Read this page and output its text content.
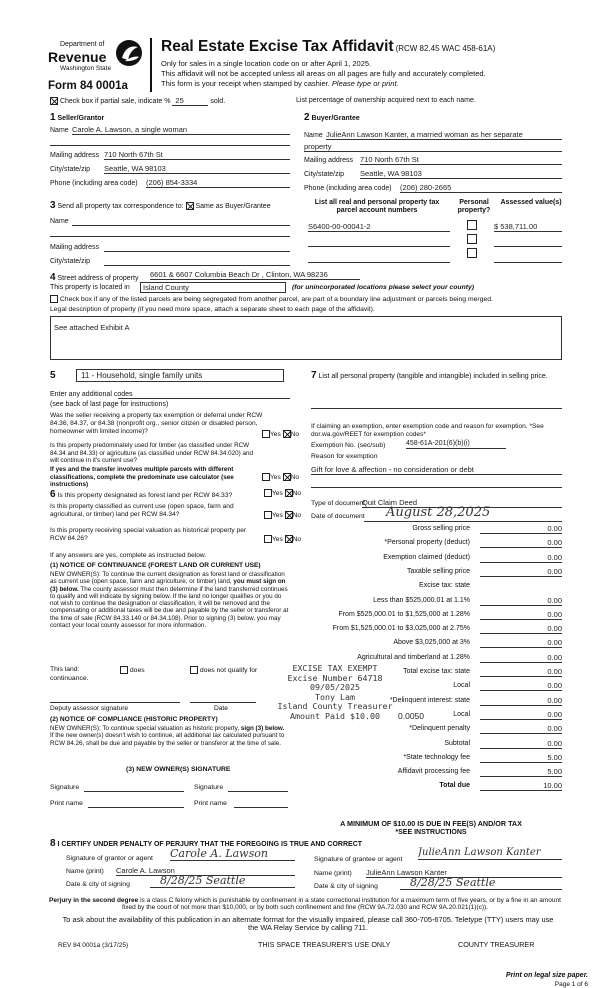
Department of
Revenue
Washington State
Form 84 0001a
Real Estate Excise Tax Affidavit (RCW 82.45 WAC 458-61A)
Only for sales in a single location code on or after April 1, 2025.
This affidavit will not be accepted unless all areas on all pages are fully and accurately completed.
This form is your receipt when stamped by cashier. Please type or print.
Check box if partial sale, indicate % 25	sold.	List percentage of ownership acquired next to each name.
1 Seller/Grantor
Name Carole A. Lawson, a single woman
Mailing address 710 North 67th St
City/state/zip Seattle, WA 98103
Phone (including area code) (206) 854-3334
2 Buyer/Grantee
Name JulieAnn Lawson Kanter, a married woman as her separate
property
Mailing address 710 North 67th St
City/state/zip Seattle, WA 98103
Phone (including area code) (206) 280-2665
3 Send all property tax correspondence to: Same as Buyer/Grantee
Name
Mailing address
City/state/zip
List all real and personal property tax parcel account numbers
Personal property?
Assessed value(s)
S6400-00-00041-2	$ 538,711.00
4 Street address of property 6601 & 6607 Columbia Beach Dr , Clinton, WA 98236
This property is located in	Island County	(for unincorporated locations please select your county)
Check box if any of the listed parcels are being segregated from another parcel, are part of a boundary line adjustment or parcels being merged.
Legal description of property (if you need more space, attach a separate sheet to each page of the affidavit).
See attached Exhibit A
5	11 - Household, single family units
Enter any additional codes
(see back of last page for instructions)
Was the seller receiving a property tax exemption or deferral under RCW 84.36, 84.37, or 84.38 (nonprofit org., senior citizen or disabled person, homeowner with limited income)?	Yes No
Is this property predominately used for timber (as classified under RCW 84.34 and 84.33) or agriculture (as classified under RCW 84.34.020) and will continue in it's current use?
If yes and the transfer involves multiple parcels with different classifications, complete the predominate use calculator (see instructions)
Yes No
6 Is this property designated as forest land per RCW 84.33?	Yes No
Is this property classified as current use (open space, farm and agricultural, or timber) land per RCW 84.34?	Yes No
Is this property receiving special valuation as historical property per RCW 84.26?	Yes No
If any answers are yes, complete as instructed below.
(1) NOTICE OF CONTINUANCE (FOREST LAND OR CURRENT USE)
NEW OWNER(S): To continue the current designation as forest land or classification as current use (open space, farm and agriculture, or timber) land, you must sign on (3) below. The county assessor must then determine if the land transferred continues to qualify and will indicate by signing below. If the land no longer qualifies or you do not wish to continue the designation or classification, it will be removed and the compensating or additional taxes will be due and payable by the seller or transferor at the time of sale (RCW 84.33.140 or 84.34.108). Prior to signing (3) below, you may contact your local county assessor for more information.
This land:
continuance.
does	does not qualify for
Deputy assessor signature	Date
(2) NOTICE OF COMPLIANCE (HISTORIC PROPERTY)
NEW OWNER(S): To continue special valuation as historic property, sign (3) below. If the new owner(s) doesn't wish to continue, all additional tax calculated pursuant to RCW 84.26, shall be due and payable by the seller or transferor at the time of sale.
(3) NEW OWNER(S) SIGNATURE
Signature	Signature
Print name	Print name
EXCISE TAX EXEMPT
Excise Number 64718
09/05/2025
Tony Lam
Island County Treasurer
Amount Paid $10.00
7 List all personal property (tangible and intangible) included in selling price.
If claiming an exemption, enter exemption code and reason for exemption. *See dor.wa.gov/REET for exemption codes*
Exemption No. (sec/sub)	458-61A-201(6)(b)(i)
Reason for exemption
Gift for love & affection - no consideration or debt
Type of document
Quit Claim Deed
Date of document	August 28,2025
Gross selling price	0.00
*Personal property (deduct)	0.00
Exemption claimed (deduct)	0.00
Taxable selling price	0.00
Excise tax: state
Less than $525,000.01 at 1.1%	0.00
From $525,000.01 to $1,525,000 at 1.28%	0.00
From $1,525,000.01 to $3,025,000 at 2.75%	0.00
Above $3,025,000 at 3%	0.00
Agricultural and timberland at 1.28%	0.00
Total excise tax: state	0.00
Local	0.00
*Delinquent interest: state	0.00
Local	0.00
*Delinquent penalty	0.00
Subtotal	0.00
*State technology fee	5.00
Affidavit processing fee	5.00
Total due	10.00
0.0050
A MINIMUM OF $10.00 IS DUE IN FEE(S) AND/OR TAX
*SEE INSTRUCTIONS
8 I CERTIFY UNDER PENALTY OF PERJURY THAT THE FOREGOING IS TRUE AND CORRECT
Signature of grantor or agent Carole A. Lawson
Name (print) Carole A. Lawson
Date & city of signing	8/28/25 Seattle
Signature of grantee or agent
JulieAnn Lawson Kanter
Name (print) JulieAnn Lawson Kanter
Date & city of signing	8/28/25 Seattle
Perjury in the second degree is a class C felony which is punishable by confinement in a state correctional institution for a maximum term of five years, or by a fine in an amount fixed by the court of not more than $10,000, or by both such confinement and fine (RCW 9A.72.030 and RCW 9A.20.021(1)(c)).
To ask about the availability of this publication in an alternate format for the visually impaired, please call 360-705-6705. Teletype (TTY) users may use the WA Relay Service by calling 711.
REV 84 0001a (3/17/25)	THIS SPACE TREASURER'S USE ONLY	COUNTY TREASURER
Print on legal size paper.
Page 1 of 6
